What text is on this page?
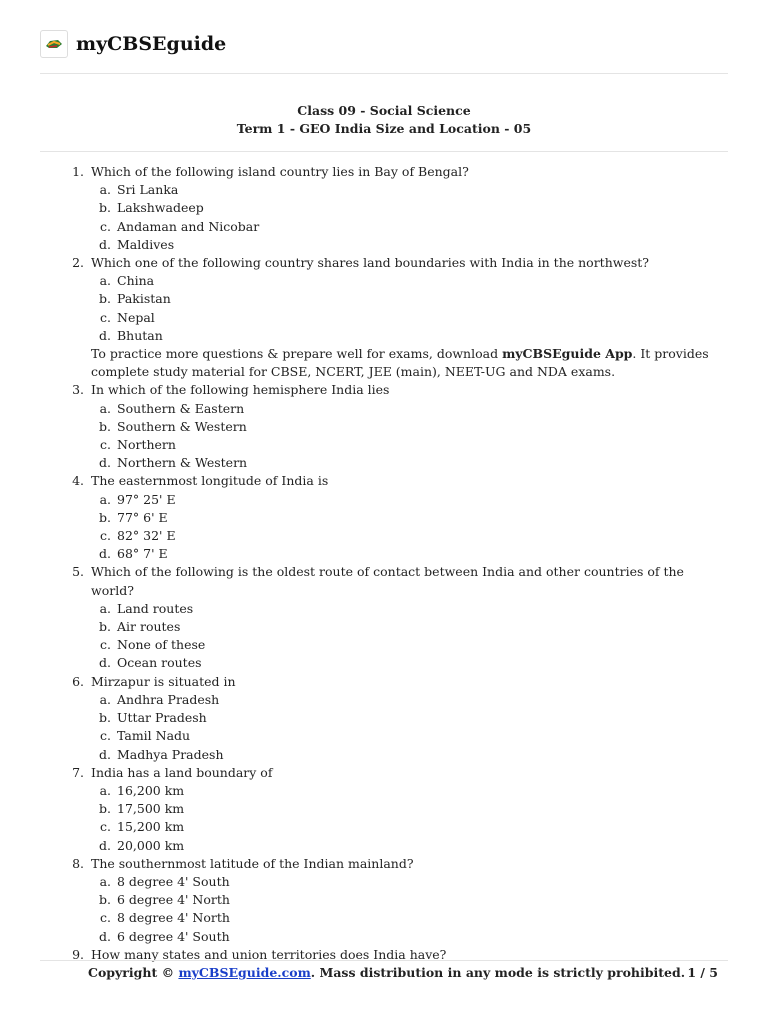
myCBSEguide
Class 09 - Social Science
Term 1 - GEO India Size and Location - 05
1. Which of the following island country lies in Bay of Bengal?
a. Sri Lanka
b. Lakshwadeep
c. Andaman and Nicobar
d. Maldives
2. Which one of the following country shares land boundaries with India in the northwest?
a. China
b. Pakistan
c. Nepal
d. Bhutan
To practice more questions & prepare well for exams, download myCBSEguide App. It provides complete study material for CBSE, NCERT, JEE (main), NEET-UG and NDA exams.
3. In which of the following hemisphere India lies
a. Southern & Eastern
b. Southern & Western
c. Northern
d. Northern & Western
4. The easternmost longitude of India is
a. 97° 25' E
b. 77° 6' E
c. 82° 32' E
d. 68° 7' E
5. Which of the following is the oldest route of contact between India and other countries of the world?
a. Land routes
b. Air routes
c. None of these
d. Ocean routes
6. Mirzapur is situated in
a. Andhra Pradesh
b. Uttar Pradesh
c. Tamil Nadu
d. Madhya Pradesh
7. India has a land boundary of
a. 16,200 km
b. 17,500 km
c. 15,200 km
d. 20,000 km
8. The southernmost latitude of the Indian mainland?
a. 8 degree 4' South
b. 6 degree 4' North
c. 8 degree 4' North
d. 6 degree 4' South
9. How many states and union territories does India have?
Copyright © myCBSEguide.com. Mass distribution in any mode is strictly prohibited. 1 / 5
